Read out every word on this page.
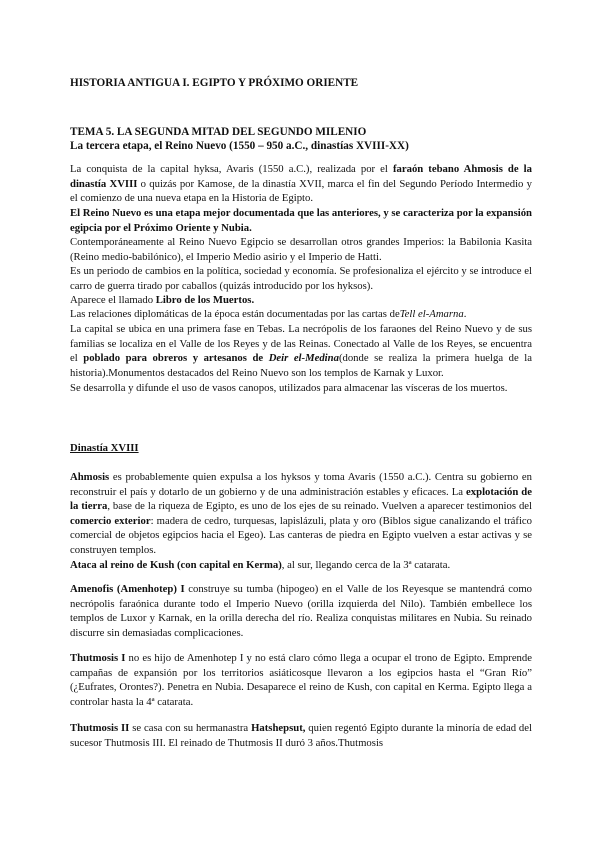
HISTORIA ANTIGUA I. EGIPTO Y PRÓXIMO ORIENTE
TEMA 5. LA SEGUNDA MITAD DEL SEGUNDO MILENIO
La tercera etapa, el Reino Nuevo (1550 – 950 a.C., dinastías XVIII-XX)
La conquista de la capital hyksa, Avaris (1550 a.C.), realizada por el faraón tebano Ahmosis de la dinastía XVIII o quizás por Kamose, de la dinastía XVII, marca el fin del Segundo Período Intermedio y el comienzo de una nueva etapa en la Historia de Egipto.
El Reino Nuevo es una etapa mejor documentada que las anteriores, y se caracteriza por la expansión egipcia por el Próximo Oriente y Nubia.
Contemporáneamente al Reino Nuevo Egipcio se desarrollan otros grandes Imperios: la Babilonia Kasita (Reino medio-babilónico), el Imperio Medio asirio y el Imperio de Hatti.
Es un periodo de cambios en la política, sociedad y economía. Se profesionaliza el ejército y se introduce el carro de guerra tirado por caballos (quizás introducido por los hyksos).
Aparece el llamado Libro de los Muertos.
Las relaciones diplomáticas de la época están documentadas por las cartas deTell el-Amarna.
La capital se ubica en una primera fase en Tebas. La necrópolis de los faraones del Reino Nuevo y de sus familias se localiza en el Valle de los Reyes y de las Reinas. Conectado al Valle de los Reyes, se encuentra el poblado para obreros y artesanos de Deir el-Medina(donde se realiza la primera huelga de la historia).Monumentos destacados del Reino Nuevo son los templos de Karnak y Luxor.
Se desarrolla y difunde el uso de vasos canopos, utilizados para almacenar las vísceras de los muertos.
Dinastía XVIII
Ahmosis es probablemente quien expulsa a los hyksos y toma Avaris (1550 a.C.). Centra su gobierno en reconstruir el país y dotarlo de un gobierno y de una administración estables y eficaces. La explotación de la tierra, base de la riqueza de Egipto, es uno de los ejes de su reinado. Vuelven a aparecer testimonios del comercio exterior: madera de cedro, turquesas, lapislázuli, plata y oro (Biblos sigue canalizando el tráfico comercial de objetos egipcios hacia el Egeo). Las canteras de piedra en Egipto vuelven a estar activas y se construyen templos.
Ataca al reino de Kush (con capital en Kerma), al sur, llegando cerca de la 3ª catarata.
Amenofis (Amenhotep) I construye su tumba (hipogeo) en el Valle de los Reyesque se mantendrá como necrópolis faraónica durante todo el Imperio Nuevo (orilla izquierda del Nilo). También embellece los templos de Luxor y Karnak, en la orilla derecha del río. Realiza conquistas militares en Nubia. Su reinado discurre sin demasiadas complicaciones.
Thutmosis I no es hijo de Amenhotep I y no está claro cómo llega a ocupar el trono de Egipto. Emprende campañas de expansión por los territorios asiáticosque llevaron a los egipcios hasta el “Gran Río” (¿Eufrates, Orontes?). Penetra en Nubia. Desaparece el reino de Kush, con capital en Kerma. Egipto llega a controlar hasta la 4ª catarata.
Thutmosis II se casa con su hermanastra Hatshepsut, quien regentó Egipto durante la minoría de edad del sucesor Thutmosis III. El reinado de Thutmosis II duró 3 años.Thutmosis
